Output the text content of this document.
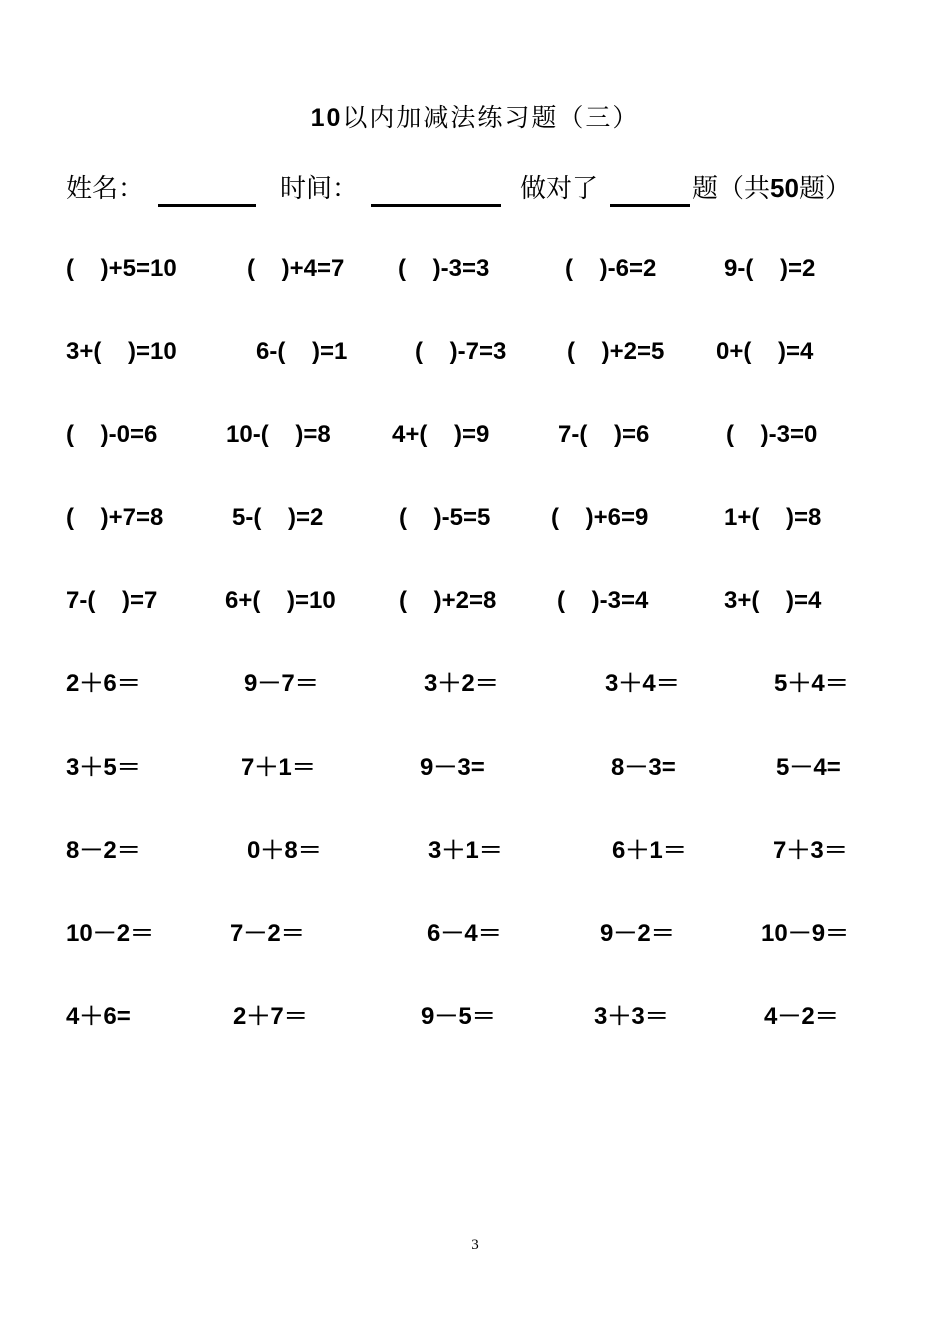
10以内加减法练习题（三）
姓名：	时间：	做对了	题（共50题）
(    )+5=10	(    )+4=7 (    )-3=3	(    )-6=2	9-(    )=2
3+(    )=10	6-(    )=1	(    )-7=3	(    )+2=5 0+(    )=4
(    )-0=6	10-(    )=8	4+(    )=9	7-(    )=6	(    )-3=0
(    )+7=8	5-(    )=2	(    )-5=5	(    )+6=9	1+(    )=8
7-(    )=7	6+(    )=10	(    )+2=8	(    )-3=4	3+(    )=4
2＋6＝	9－7＝	3＋2＝	3＋4＝	5＋4＝
3＋5＝	7＋1＝	9－3=	8－3=	5－4=
8－2＝	0＋8＝	3＋1＝	6＋1＝	7＋3＝
10－2＝	7－2＝	6－4＝	9－2＝	10－9＝
4＋6=	2＋7＝	9－5＝	3＋3＝	4－2＝
3
